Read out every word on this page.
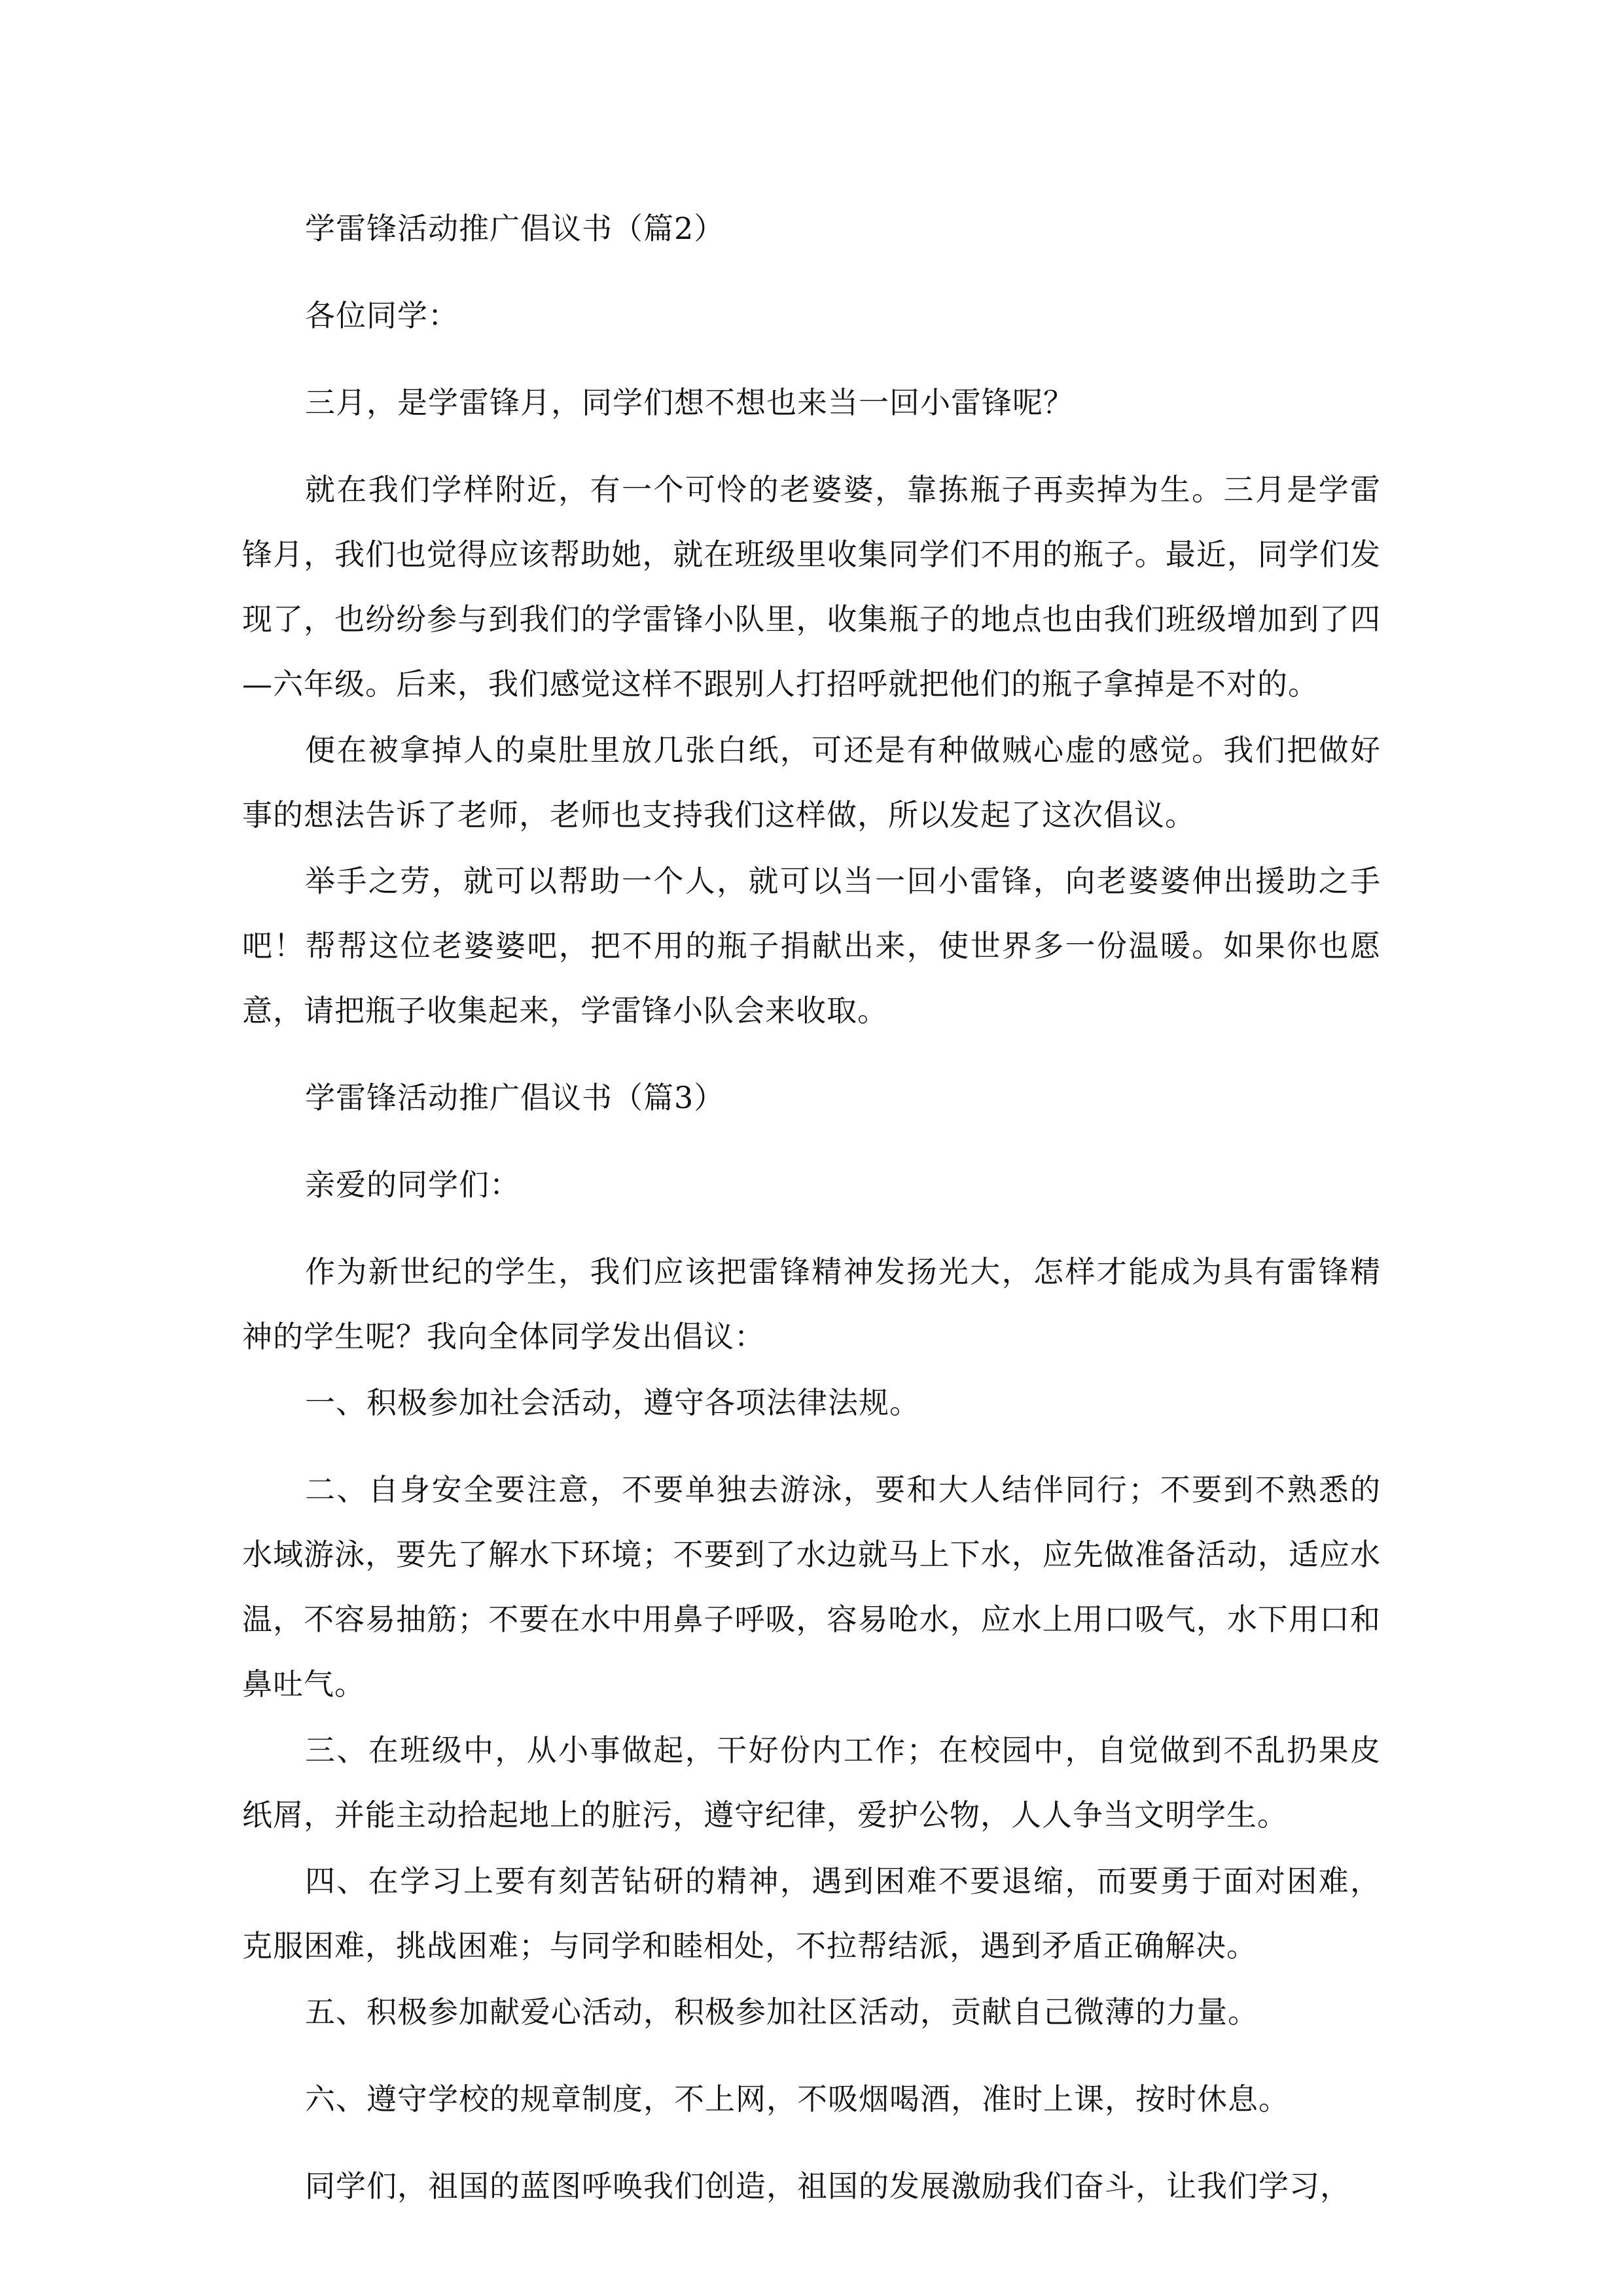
学雷锋活动推广倡议书（篇2）

各位同学：

三月，是学雷锋月，同学们想不想也来当一回小雷锋呢？

就在我们学样附近，有一个可怜的老婆婆，靠拣瓶子再卖掉为生。三月是学雷锋月，我们也觉得应该帮助她，就在班级里收集同学们不用的瓶子。最近，同学们发现了，也纷纷参与到我们的学雷锋小队里，收集瓶子的地点也由我们班级增加到了四—六年级。后来，我们感觉这样不跟别人打招呼就把他们的瓶子拿掉是不对的。

便在被拿掉人的桌肚里放几张白纸，可还是有种做贼心虚的感觉。我们把做好事的想法告诉了老师，老师也支持我们这样做，所以发起了这次倡议。

举手之劳，就可以帮助一个人，就可以当一回小雷锋，向老婆婆伸出援助之手吧！帮帮这位老婆婆吧，把不用的瓶子捐献出来，使世界多一份温暖。如果你也愿意，请把瓶子收集起来，学雷锋小队会来收取。

学雷锋活动推广倡议书（篇3）

亲爱的同学们：

作为新世纪的学生，我们应该把雷锋精神发扬光大，怎样才能成为具有雷锋精神的学生呢？我向全体同学发出倡议：

一、积极参加社会活动，遵守各项法律法规。

二、自身安全要注意，不要单独去游泳，要和大人结伴同行；不要到不熟悉的水域游泳，要先了解水下环境；不要到了水边就马上下水，应先做准备活动，适应水温，不容易抽筋；不要在水中用鼻子呼吸，容易呛水，应水上用口吸气，水下用口和鼻吐气。

三、在班级中，从小事做起，干好份内工作；在校园中，自觉做到不乱扔果皮纸屑，并能主动拾起地上的脏污，遵守纪律，爱护公物，人人争当文明学生。

四、在学习上要有刻苦钻研的精神，遇到困难不要退缩，而要勇于面对困难，克服困难，挑战困难；与同学和睦相处，不拉帮结派，遇到矛盾正确解决。

五、积极参加献爱心活动，积极参加社区活动，贡献自己微薄的力量。

六、遵守学校的规章制度，不上网，不吸烟喝酒，准时上课，按时休息。

同学们，祖国的蓝图呼唤我们创造，祖国的发展激励我们奋斗，让我们学习，
